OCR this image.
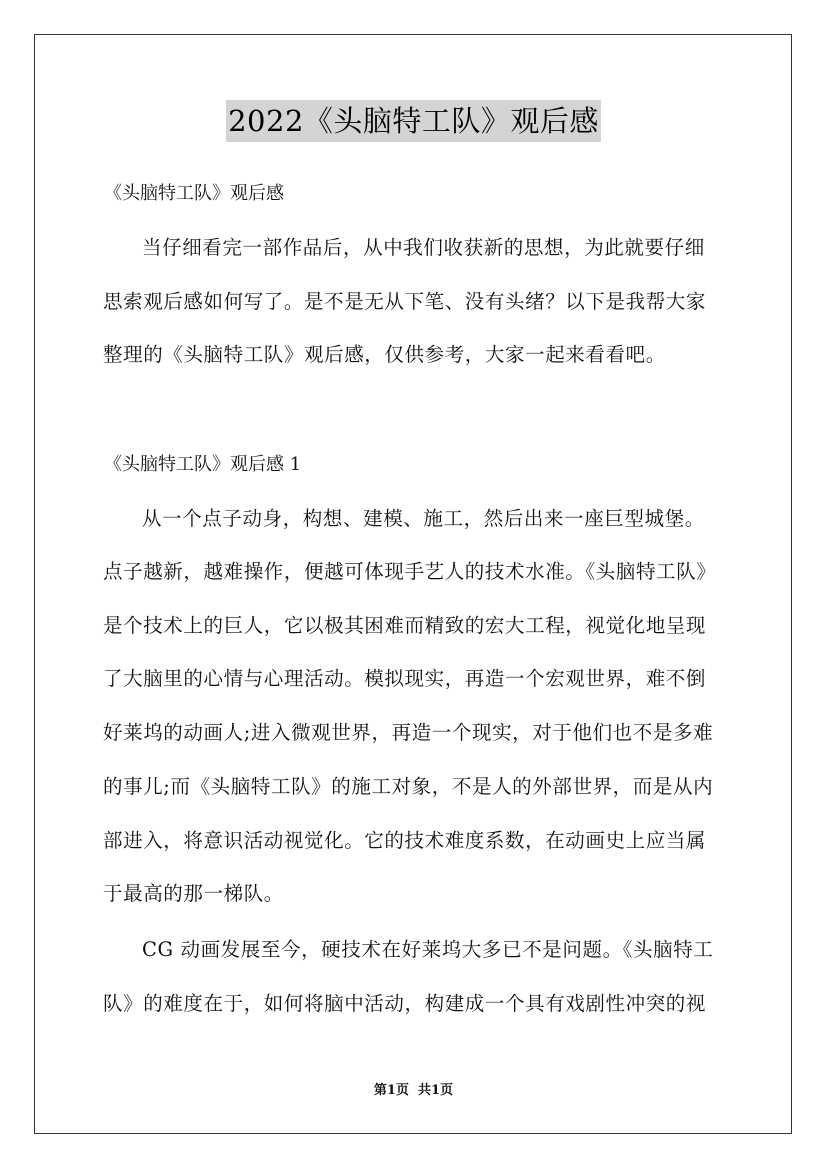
2022《头脑特工队》观后感
《头脑特工队》观后感
当仔细看完一部作品后，从中我们收获新的思想，为此就要仔细
思索观后感如何写了。是不是无从下笔、没有头绪？以下是我帮大家
整理的《头脑特工队》观后感，仅供参考，大家一起来看看吧。
《头脑特工队》观后感 1
从一个点子动身，构想、建模、施工，然后出来一座巨型城堡。
点子越新，越难操作，便越可体现手艺人的技术水准。《头脑特工队》
是个技术上的巨人，它以极其困难而精致的宏大工程，视觉化地呈现
了大脑里的心情与心理活动。模拟现实，再造一个宏观世界，难不倒
好莱坞的动画人;进入微观世界，再造一个现实，对于他们也不是多难
的事儿;而《头脑特工队》的施工对象，不是人的外部世界，而是从内
部进入，将意识活动视觉化。它的技术难度系数，在动画史上应当属
于最高的那一梯队。
CG 动画发展至今，硬技术在好莱坞大多已不是问题。《头脑特工
队》的难度在于，如何将脑中活动，构建成一个具有戏剧性冲突的视
第1页  共1页
